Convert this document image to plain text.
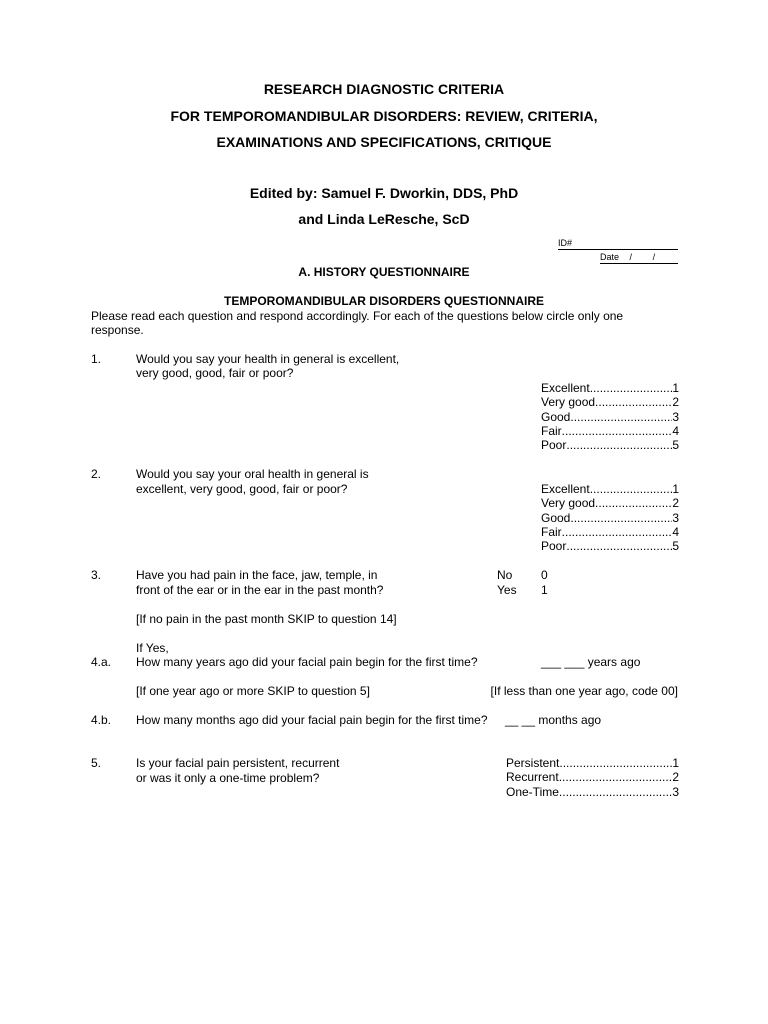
RESEARCH DIAGNOSTIC CRITERIA
FOR TEMPOROMANDIBULAR DISORDERS: REVIEW, CRITERIA,
EXAMINATIONS AND SPECIFICATIONS, CRITIQUE
Edited by: Samuel F. Dworkin, DDS, PhD
and Linda LeResche, ScD
ID#
Date / /
A. HISTORY QUESTIONNAIRE
TEMPOROMANDIBULAR DISORDERS QUESTIONNAIRE
Please read each question and respond accordingly. For each of the questions below circle only one
response.
1.	Would you say your health in general is excellent,
very good, good, fair or poor?
Excellent .....	1
Very good .....	2
Good .....	3
Fair .....	4
Poor .....	5
2.	Would you say your oral health in general is
excellent, very good, good, fair or poor?	Excellent .....	1
Very good .....	2
Good .....	3
Fair .....	4
Poor .....	5
3.	Have you had pain in the face, jaw, temple, in
front of the ear or in the ear in the past month?
No 0
Yes 1
[If no pain in the past month SKIP to question 14]
If Yes,
4.a. How many years ago did your facial pain begin for the first time?	___ ___ years ago
[If one year ago or more SKIP to question 5]	[If less than one year ago, code 00]
4.b. How many months ago did your facial pain begin for the first time? __ __ months ago
5.	Is your facial pain persistent, recurrent
or was it only a one-time problem?
Persistent .....	1
Recurrent .....	2
One-Time .....	3
